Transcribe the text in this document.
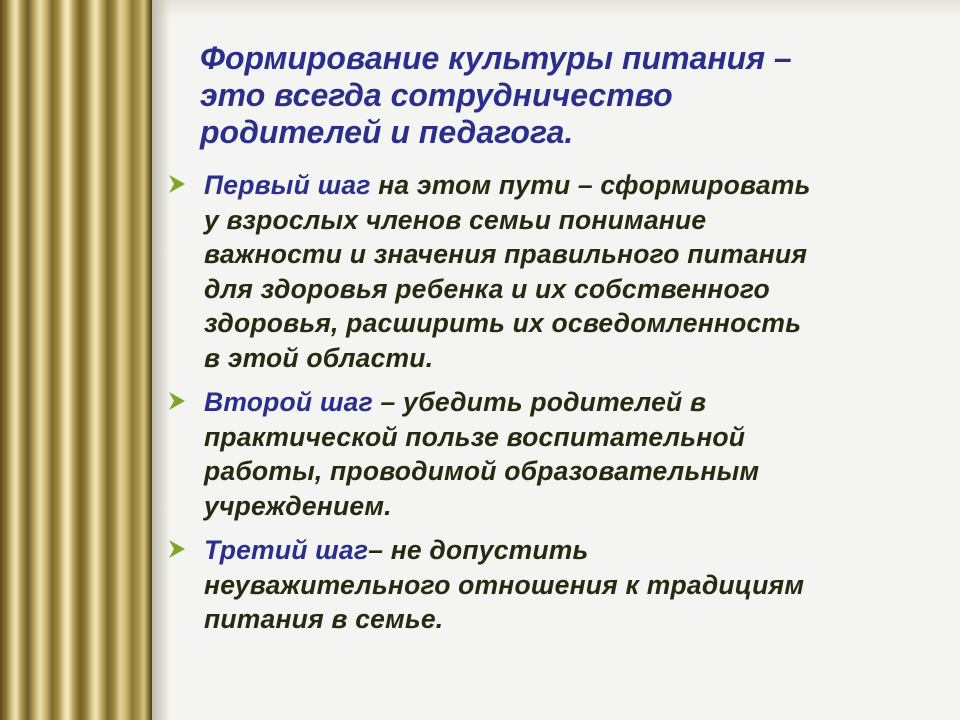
Формирование культуры питания –
это всегда сотрудничество
родителей и педагога.
Первый шаг на этом пути – сформировать
у взрослых членов семьи понимание
важности и значения правильного питания
для здоровья ребенка и их собственного
здоровья, расширить их осведомленность
в этой области.
Второй шаг – убедить родителей в
практической пользе воспитательной
работы, проводимой образовательным
учреждением.
Третий шаг– не допустить
неуважительного отношения к традициям
питания в семье.
